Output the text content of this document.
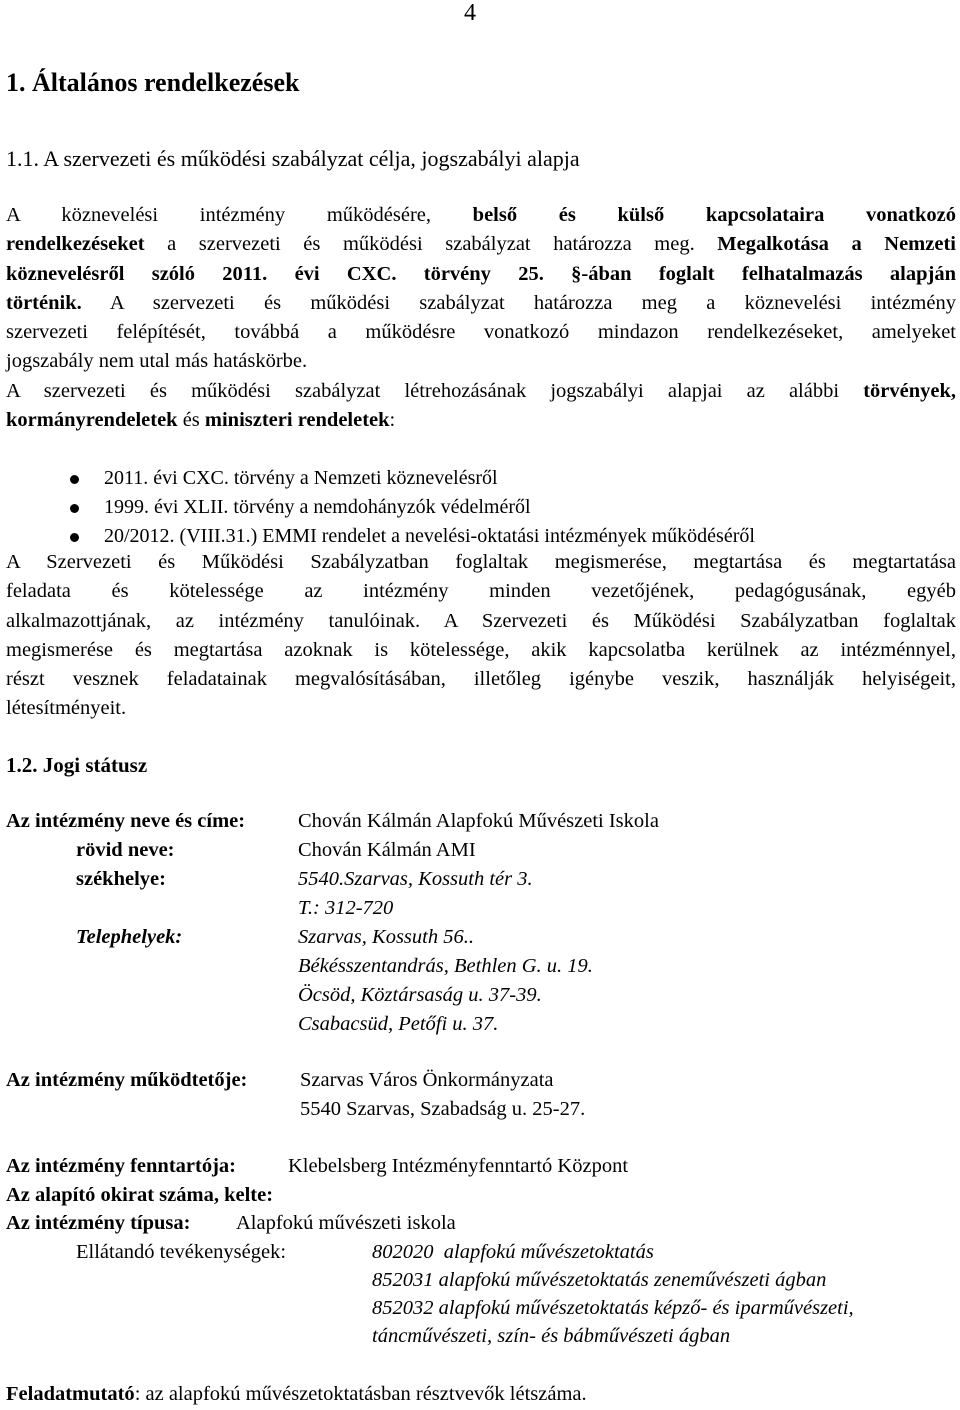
4
1. Általános rendelkezések
1.1. A szervezeti és működési szabályzat célja, jogszabályi alapja
A köznevelési intézmény működésére, belső és külső kapcsolataira vonatkozó
rendelkezéseket a szervezeti és működési szabályzat határozza meg. Megalkotása a Nemzeti
köznevelésről szóló 2011. évi CXC. törvény 25. §-ában foglalt felhatalmazás alapján
történik. A szervezeti és működési szabályzat határozza meg a köznevelési intézmény
szervezeti felépítését, továbbá a működésre vonatkozó mindazon rendelkezéseket, amelyeket
jogszabály nem utal más hatáskörbe.
A szervezeti és működési szabályzat létrehozásának jogszabályi alapjai az alábbi törvények,
kormányrendeletek és miniszteri rendeletek:
2011. évi CXC. törvény a Nemzeti köznevelésről
1999. évi XLII. törvény a nemdohányzók védelméről
20/2012. (VIII.31.) EMMI rendelet a nevelési-oktatási intézmények működéséről
A Szervezeti és Működési Szabályzatban foglaltak megismerése, megtartása és megtartatása
feladata és kötelessége az intézmény minden vezetőjének, pedagógusának, egyéb
alkalmazottjának, az intézmény tanulóinak. A Szervezeti és Működési Szabályzatban foglaltak
megismerése és megtartása azoknak is kötelessége, akik kapcsolatba kerülnek az intézménnyel,
részt vesznek feladatainak megvalósításában, illetőleg igénybe veszik, használják helyiségeit,
létesítményeit.
1.2. Jogi státusz
Az intézmény neve és címe:	Chován Kálmán Alapfokú Művészeti Iskola
rövid neve:	Chován Kálmán AMI
székhelye:	5540.Szarvas, Kossuth tér 3.
T.: 312-720
Telephelyek:	Szarvas, Kossuth 56..
Békésszentandrás, Bethlen G. u. 19.
Öcsöd, Köztársaság u. 37-39.
Csabacsüd, Petőfi u. 37.
Az intézmény működtetője:	Szarvas Város Önkormányzata
5540 Szarvas, Szabadság u. 25-27.
Az intézmény fenntartója:	Klebelsberg Intézményfenntartó Központ
Az alapító okirat száma, kelte:
Az intézmény típusa: Alapfokú művészeti iskola
Ellátandó tevékenységek:	802020  alapfokú művészetoktatás
852031 alapfokú művészetoktatás zeneművészeti ágban
852032 alapfokú művészetoktatás képző- és iparművészeti,
táncművészeti, szín- és bábművészeti ágban
Feladatmutató: az alapfokú művészetoktatásban résztvevők létszáma.
